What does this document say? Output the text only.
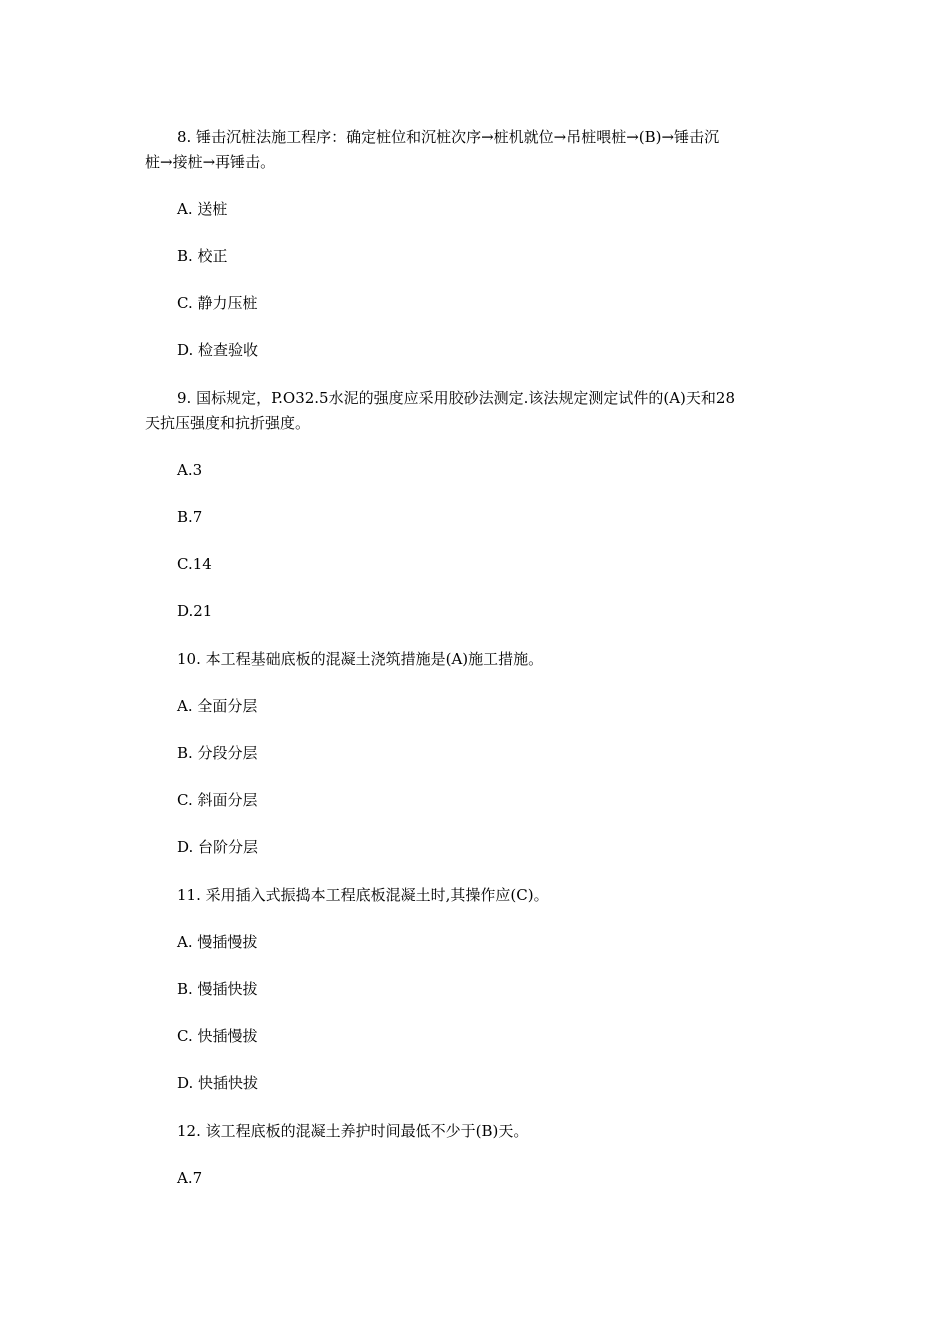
8. 锤击沉桩法施工程序：确定桩位和沉桩次序→桩机就位→吊桩喂桩→(B)→锤击沉

桩→接桩→再锤击。

A. 送桩

B. 校正

C. 静力压桩

D. 检查验收

9. 国标规定，P.O32.5水泥的强度应采用胶砂法测定.该法规定测定试件的(A)天和28

天抗压强度和抗折强度。

A.3

B.7

C.14

D.21

10. 本工程基础底板的混凝土浇筑措施是(A)施工措施。

A. 全面分层

B. 分段分层

C. 斜面分层

D. 台阶分层

11. 采用插入式振捣本工程底板混凝土时,其操作应(C)。

A. 慢插慢拔

B. 慢插快拔

C. 快插慢拔

D. 快插快拔

12. 该工程底板的混凝土养护时间最低不少于(B)天。

A.7
